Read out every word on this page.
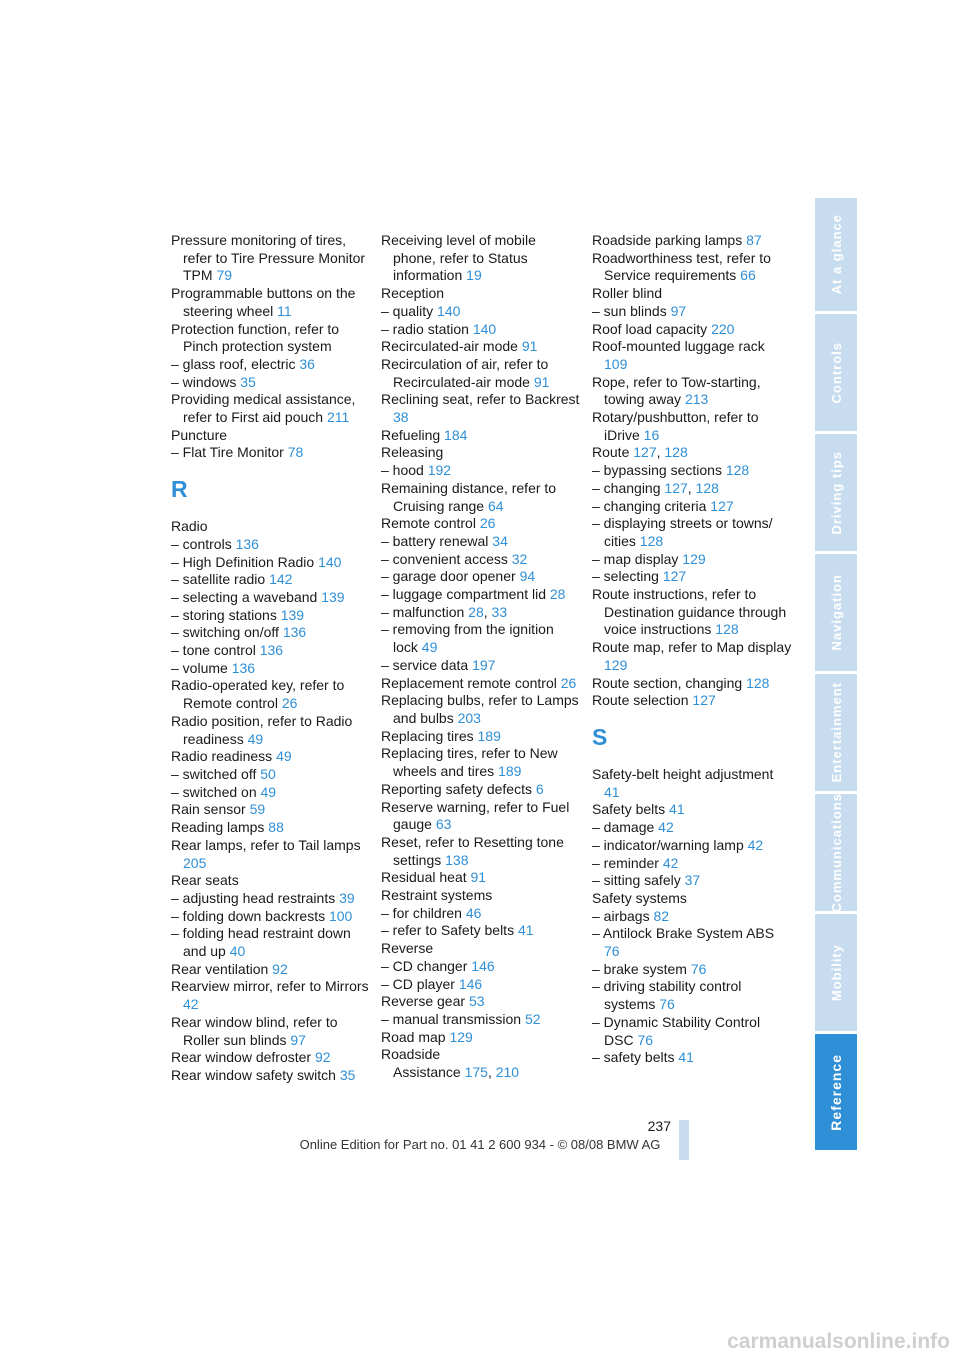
Pressure monitoring of tires, refer to Tire Pressure Monitor TPM 79
Programmable buttons on the steering wheel 11
Protection function, refer to Pinch protection system
– glass roof, electric 36
– windows 35
Providing medical assistance, refer to First aid pouch 211
Puncture
– Flat Tire Monitor 78
R
Radio
– controls 136
– High Definition Radio 140
– satellite radio 142
– selecting a waveband 139
– storing stations 139
– switching on/off 136
– tone control 136
– volume 136
Radio-operated key, refer to Remote control 26
Radio position, refer to Radio readiness 49
Radio readiness 49
– switched off 50
– switched on 49
Rain sensor 59
Reading lamps 88
Rear lamps, refer to Tail lamps 205
Rear seats
– adjusting head restraints 39
– folding down backrests 100
– folding head restraint down and up 40
Rear ventilation 92
Rearview mirror, refer to Mirrors 42
Rear window blind, refer to Roller sun blinds 97
Rear window defroster 92
Rear window safety switch 35
Receiving level of mobile phone, refer to Status information 19
Reception
– quality 140
– radio station 140
Recirculated-air mode 91
Recirculation of air, refer to Recirculated-air mode 91
Reclining seat, refer to Backrest 38
Refueling 184
Releasing
– hood 192
Remaining distance, refer to Cruising range 64
Remote control 26
– battery renewal 34
– convenient access 32
– garage door opener 94
– luggage compartment lid 28
– malfunction 28, 33
– removing from the ignition lock 49
– service data 197
Replacement remote control 26
Replacing bulbs, refer to Lamps and bulbs 203
Replacing tires 189
Replacing tires, refer to New wheels and tires 189
Reporting safety defects 6
Reserve warning, refer to Fuel gauge 63
Reset, refer to Resetting tone settings 138
Residual heat 91
Restraint systems
– for children 46
– refer to Safety belts 41
Reverse
– CD changer 146
– CD player 146
Reverse gear 53
– manual transmission 52
Road map 129
Roadside
Assistance 175, 210
Roadside parking lamps 87
Roadworthiness test, refer to Service requirements 66
Roller blind
– sun blinds 97
Roof load capacity 220
Roof-mounted luggage rack 109
Rope, refer to Tow-starting, towing away 213
Rotary/pushbutton, refer to iDrive 16
Route 127, 128
– bypassing sections 128
– changing 127, 128
– changing criteria 127
– displaying streets or towns/ cities 128
– map display 129
– selecting 127
Route instructions, refer to Destination guidance through voice instructions 128
Route map, refer to Map display 129
Route section, changing 128
Route selection 127
S
Safety-belt height adjustment 41
Safety belts 41
– damage 42
– indicator/warning lamp 42
– reminder 42
– sitting safely 37
Safety systems
– airbags 82
– Antilock Brake System ABS 76
– brake system 76
– driving stability control systems 76
– Dynamic Stability Control DSC 76
– safety belts 41
At a glance
Controls
Driving tips
Navigation
Entertainment
Communications
Mobility
Reference
237
Online Edition for Part no. 01 41 2 600 934 - © 08/08 BMW AG
carmanualsonline.info
